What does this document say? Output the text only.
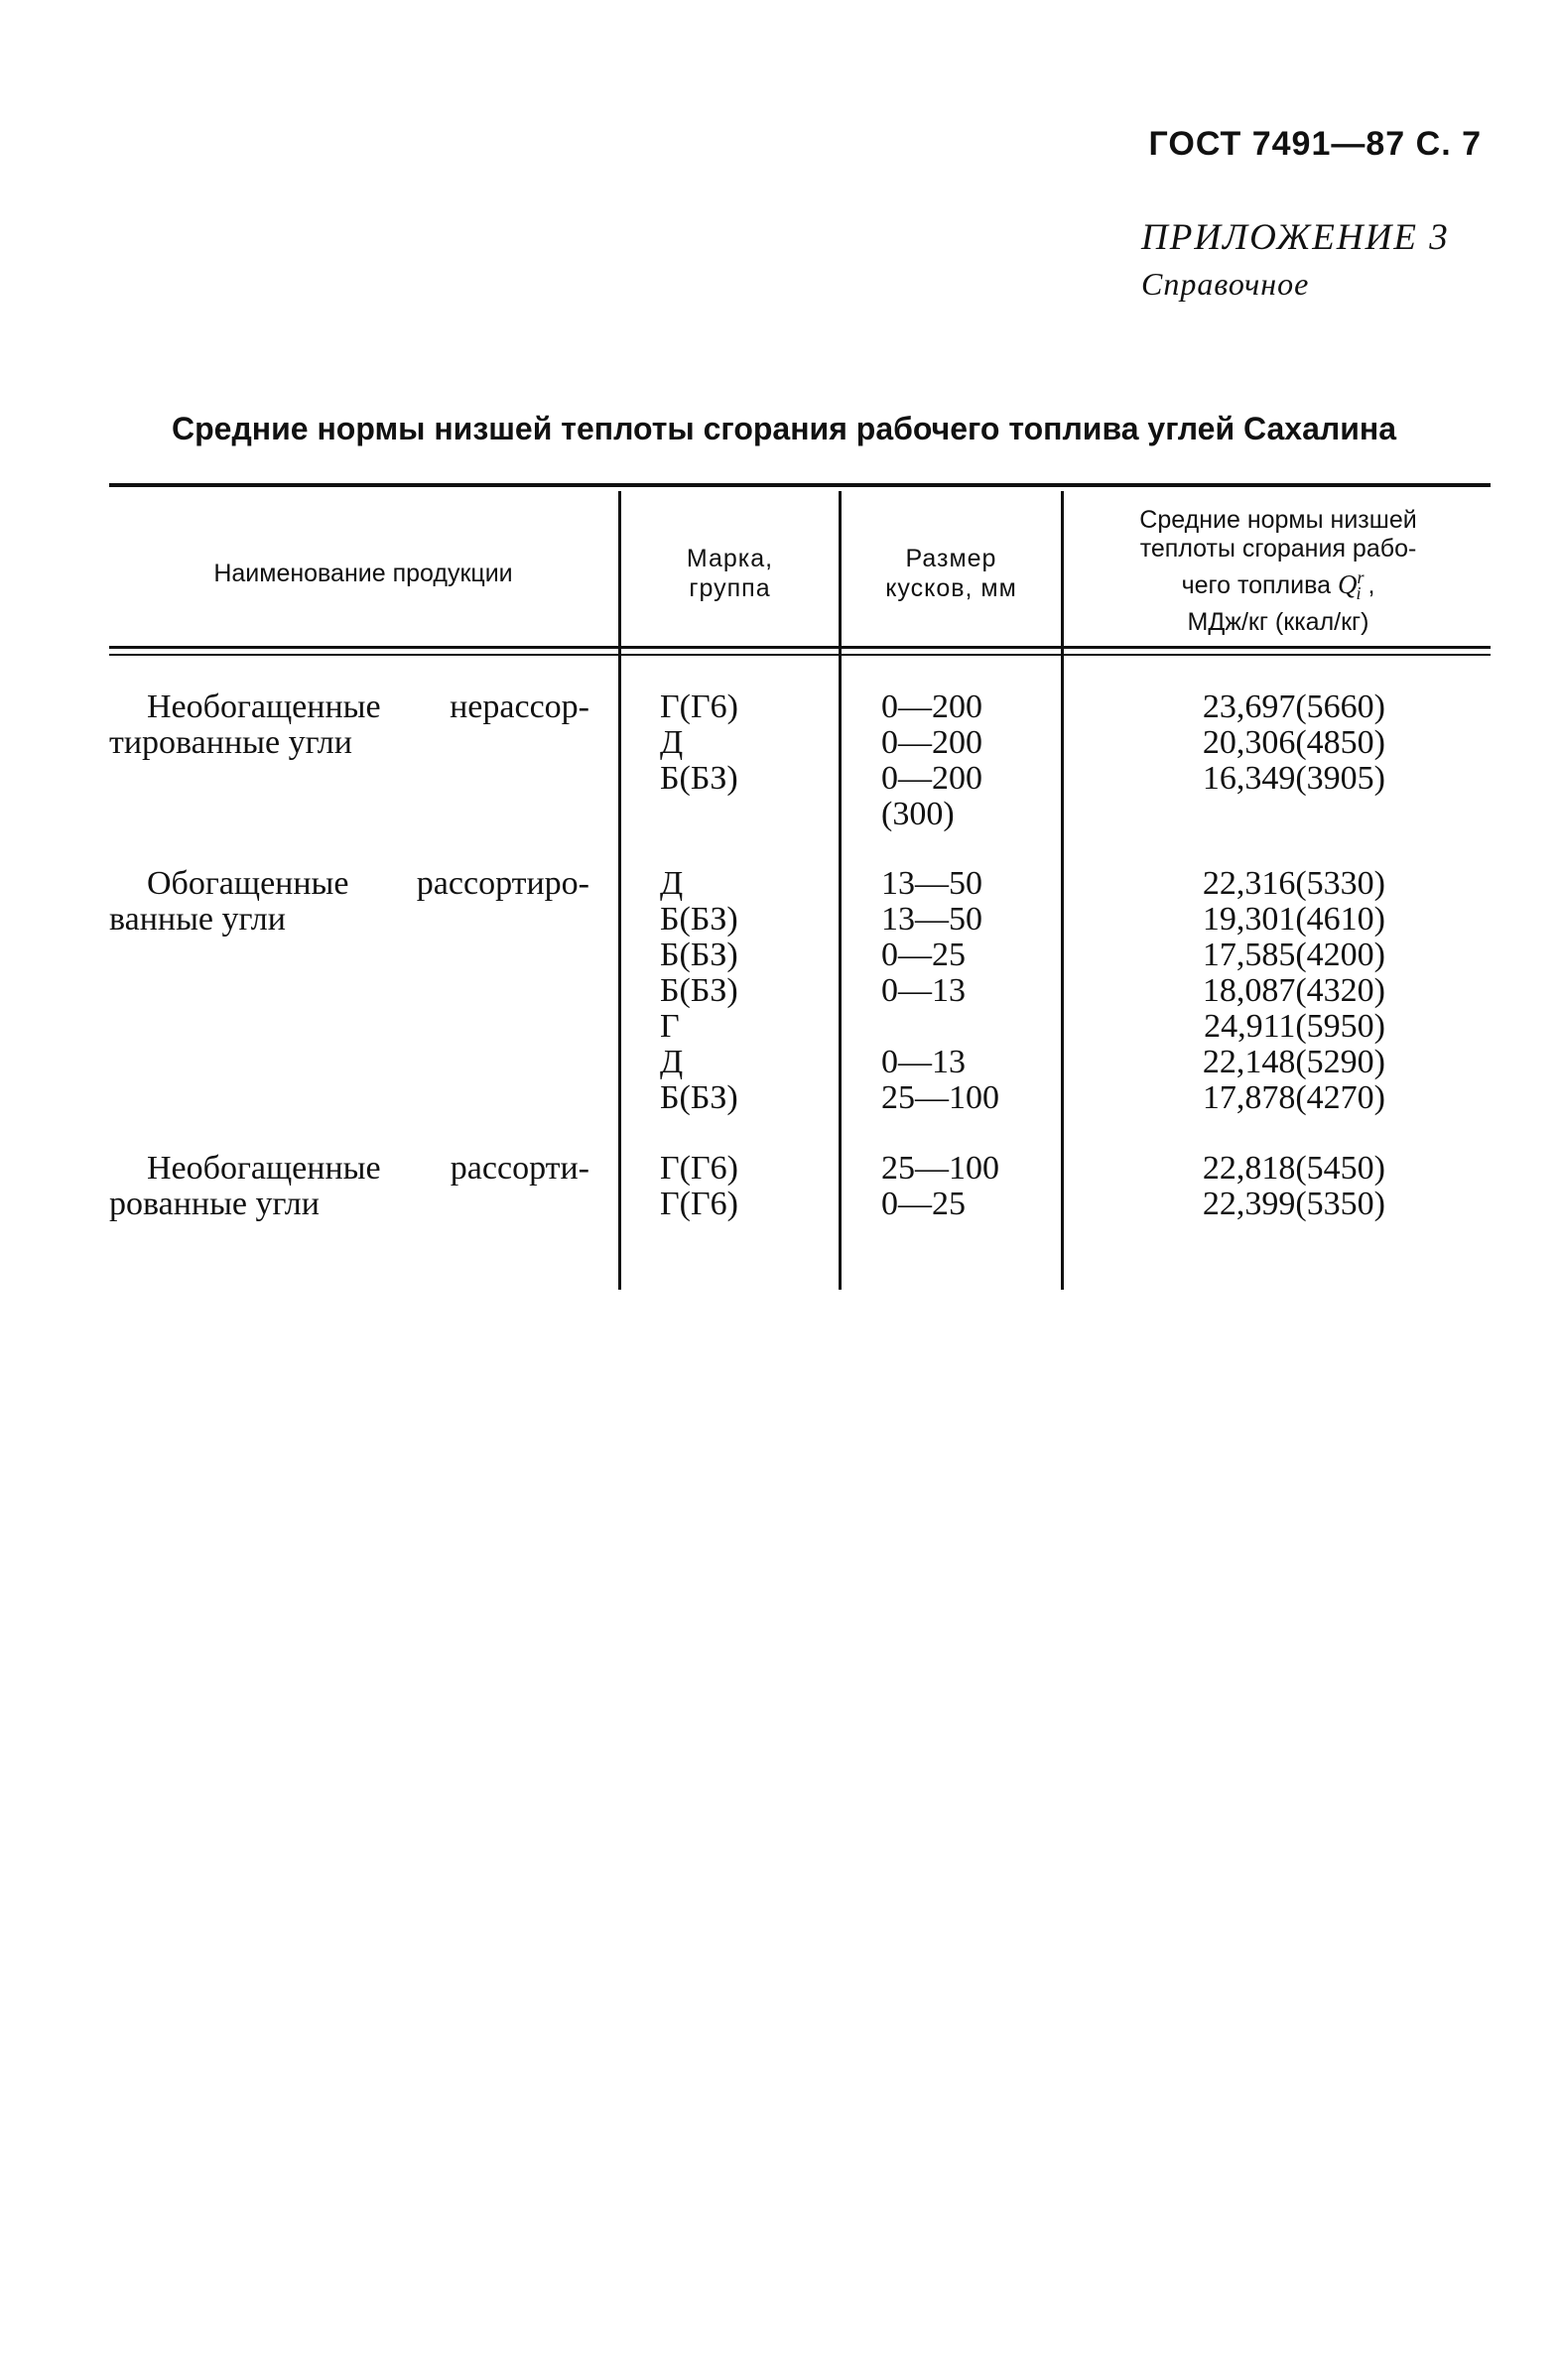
ГОСТ 7491—87 С. 7
ПРИЛОЖЕНИЕ 3
Справочное
Средние нормы низшей теплоты сгорания рабочего топлива углей Сахалина
Наименование продукции
Марка,
группа
Размер
кусков, мм
Средние нормы низшей
теплоты сгорания рабо-
чего топлива $Q^r_i$ ,
МДж/кг (ккал/кг)
Необогащенные нерассор-
тированные угли
Г(Г6)
Д
Б(БЗ)
0—200
0—200
0—200
(300)
23,697(5660)
20,306(4850)
16,349(3905)
Обогащенные рассортиро-
ванные угли
Д
Б(БЗ)
Б(БЗ)
Б(БЗ)
Г
Д
Б(БЗ)
13—50
13—50
0—25
0—13

0—13
25—100
22,316(5330)
19,301(4610)
17,585(4200)
18,087(4320)
24,911(5950)
22,148(5290)
17,878(4270)
Необогащенные рассорти-
рованные угли
Г(Г6)
Г(Г6)
25—100
0—25
22,818(5450)
22,399(5350)
